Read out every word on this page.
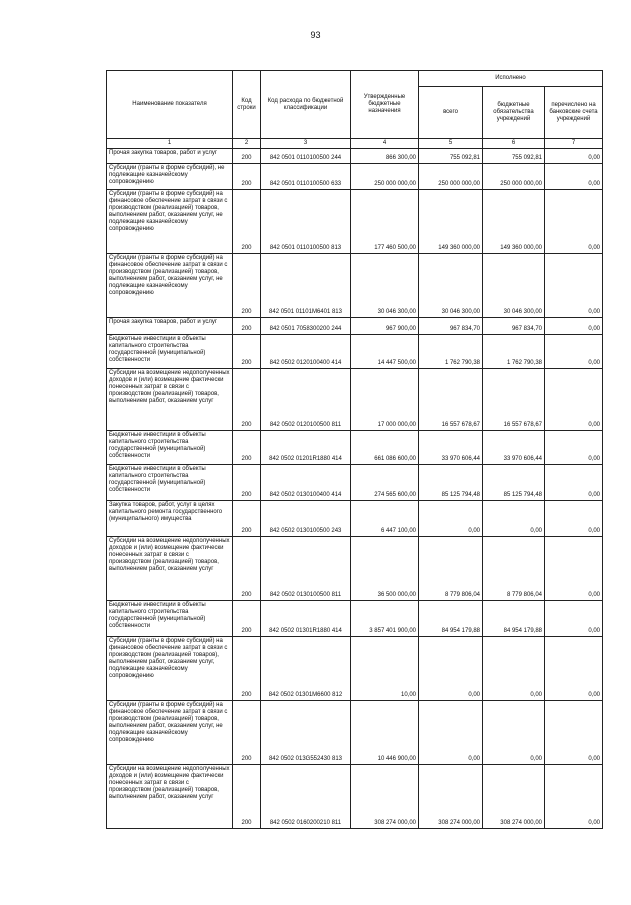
93
Наименование показателя	Код строки	Код расхода по бюджетной классификации	Утвержденные бюджетные назначения	Исполнено		
				всего	бюджетные обязательства учреждений	перечислено на банковские счета учреждений
1	2	3	4	5	6	7
Прочая закупка товаров, работ и услуг	200	842 0501 0110100500 244	866 300,00	755 092,81	755 092,81	0,00
Субсидии (гранты в форме субсидий), не подлежащие казначейскому сопровождению	200	842 0501 0110100500 633	250 000 000,00	250 000 000,00	250 000 000,00	0,00
Субсидии (гранты в форме субсидий) на финансовое обеспечение затрат в связи с производством (реализацией) товаров, выполнением работ, оказанием услуг, не подлежащие казначейскому сопровождению	200	842 0501 0110100500 813	177 460 500,00	149 360 000,00	149 360 000,00	0,00
Субсидии (гранты в форме субсидий) на финансовое обеспечение затрат в связи с производством (реализацией) товаров, выполнением работ, оказанием услуг, не подлежащие казначейскому сопровождению	200	842 0501 01101M6401 813	30 046 300,00	30 046 300,00	30 046 300,00	0,00
Прочая закупка товаров, работ и услуг	200	842 0501 7058300200 244	967 900,00	967 834,70	967 834,70	0,00
Бюджетные инвестиции в объекты капитального строительства государственной (муниципальной) собственности	200	842 0502 0120100400 414	14 447 500,00	1 762 790,38	1 762 790,38	0,00
Субсидии на возмещение недополученных доходов и (или) возмещение фактически понесенных затрат в связи с производством (реализацией) товаров, выполнением работ, оказанием услуг	200	842 0502 0120100500 811	17 000 000,00	16 557 678,67	16 557 678,67	0,00
Бюджетные инвестиции в объекты капитального строительства государственной (муниципальной) собственности	200	842 0502 01201R1880 414	661 086 600,00	33 970 606,44	33 970 606,44	0,00
Бюджетные инвестиции в объекты капитального строительства государственной (муниципальной) собственности	200	842 0502 0130100400 414	274 565 600,00	85 125 794,48	85 125 794,48	0,00
Закупка товаров, работ, услуг в целях капитального ремонта государственного (муниципального) имущества	200	842 0502 0130100500 243	6 447 100,00	0,00	0,00	0,00
Субсидии на возмещение недополученных доходов и (или) возмещение фактически понесенных затрат в связи с производством (реализацией) товаров, выполнением работ, оказанием услуг	200	842 0502 0130100500 811	36 500 000,00	8 779 806,04	8 779 806,04	0,00
Бюджетные инвестиции в объекты капитального строительства государственной (муниципальной) собственности	200	842 0502 01301R1880 414	3 857 401 900,00	84 954 179,88	84 954 179,88	0,00
Субсидии (гранты в форме субсидий) на финансовое обеспечение затрат в связи с производством (реализацией товаров), выполнением работ, оказанием услуг, подлежащие казначейскому сопровождению	200	842 0502 01301M6600 812	10,00	0,00	0,00	0,00
Субсидии (гранты в форме субсидий) на финансовое обеспечение затрат в связи с производством (реализацией) товаров, выполнением работ, оказанием услуг, не подлежащие казначейскому сопровождению	200	842 0502 013G552430 813	10 446 900,00	0,00	0,00	0,00
Субсидии на возмещение недополученных доходов и (или) возмещение фактически понесенных затрат в связи с производством (реализацией) товаров, выполнением работ, оказанием услуг	200	842 0502 0160200210 811	308 274 000,00	308 274 000,00	308 274 000,00	0,00
